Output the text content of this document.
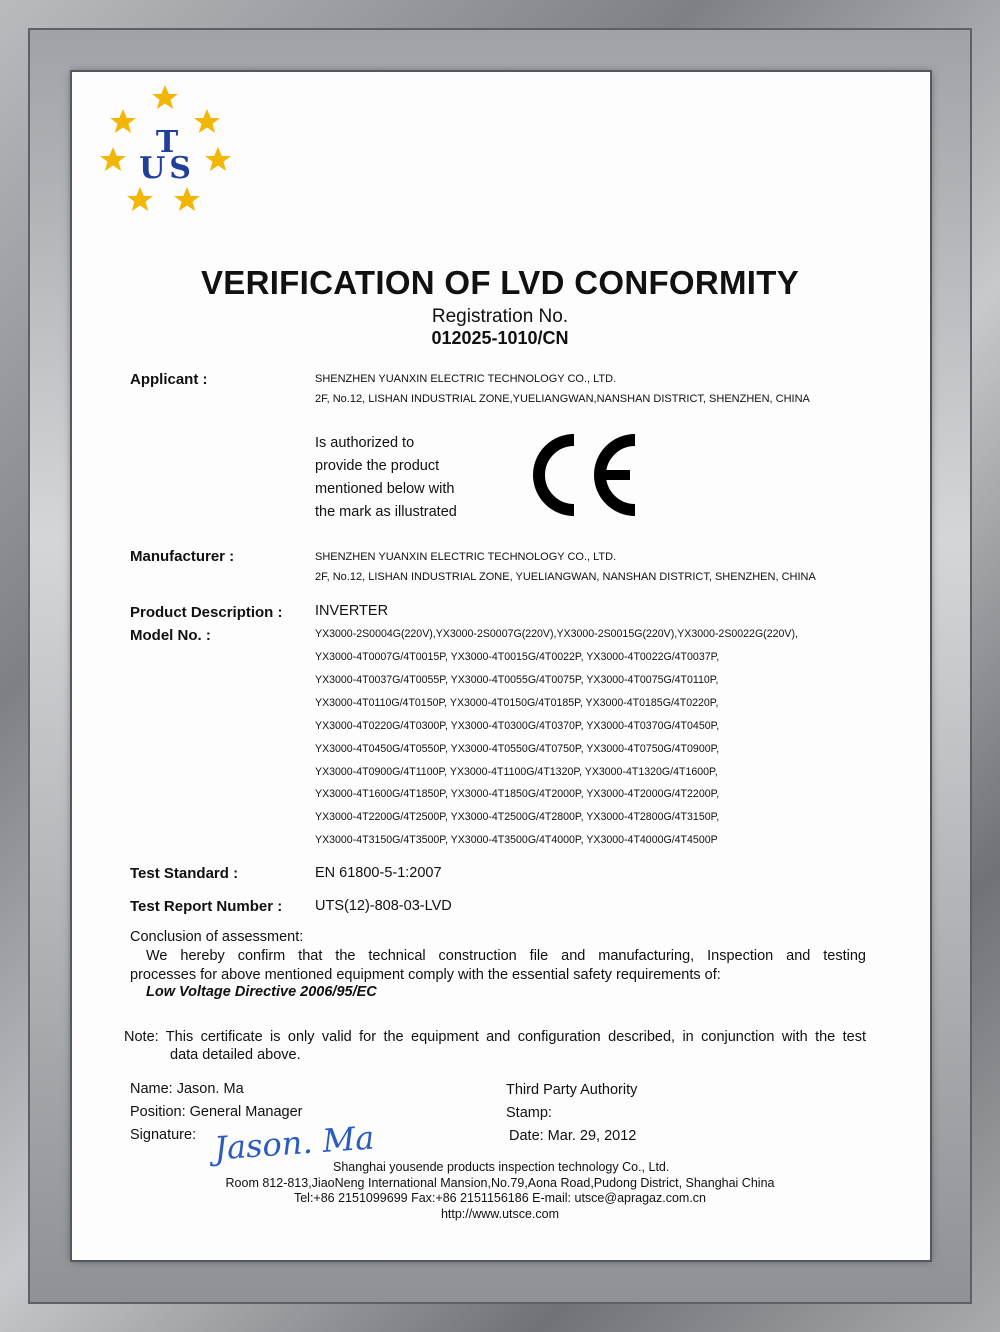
T
US
VERIFICATION OF LVD CONFORMITY
Registration No.
012025-1010/CN
Applicant :	SHENZHEN YUANXIN ELECTRIC TECHNOLOGY CO., LTD.
2F, No.12, LISHAN INDUSTRIAL ZONE,YUELIANGWAN,NANSHAN DISTRICT, SHENZHEN, CHINA
Is authorized to
provide the product
mentioned below with
the mark as illustrated
Manufacturer :	SHENZHEN YUANXIN ELECTRIC TECHNOLOGY CO., LTD.
2F, No.12, LISHAN INDUSTRIAL ZONE, YUELIANGWAN, NANSHAN DISTRICT, SHENZHEN, CHINA
Product Description : INVERTER
Model No. :	YX3000-2S0004G(220V),YX3000-2S0007G(220V),YX3000-2S0015G(220V),YX3000-2S0022G(220V),
YX3000-4T0007G/4T0015P, YX3000-4T0015G/4T0022P, YX3000-4T0022G/4T0037P,
YX3000-4T0037G/4T0055P, YX3000-4T0055G/4T0075P, YX3000-4T0075G/4T0110P,
YX3000-4T0110G/4T0150P, YX3000-4T0150G/4T0185P, YX3000-4T0185G/4T0220P,
YX3000-4T0220G/4T0300P, YX3000-4T0300G/4T0370P, YX3000-4T0370G/4T0450P,
YX3000-4T0450G/4T0550P, YX3000-4T0550G/4T0750P, YX3000-4T0750G/4T0900P,
YX3000-4T0900G/4T1100P, YX3000-4T1100G/4T1320P, YX3000-4T1320G/4T1600P,
YX3000-4T1600G/4T1850P, YX3000-4T1850G/4T2000P, YX3000-4T2000G/4T2200P,
YX3000-4T2200G/4T2500P, YX3000-4T2500G/4T2800P, YX3000-4T2800G/4T3150P,
YX3000-4T3150G/4T3500P, YX3000-4T3500G/4T4000P, YX3000-4T4000G/4T4500P
Test Standard :	EN 61800-5-1:2007
Test Report Number : UTS(12)-808-03-LVD
Conclusion of assessment:
We hereby confirm that the technical construction file and manufacturing, Inspection and testing
processes for above mentioned equipment comply with the essential safety requirements of:
Low Voltage Directive 2006/95/EC
Note: This certificate is only valid for the equipment and configuration described, in conjunction with the test
data detailed above.
Name: Jason. Ma
Position: General Manager
Signature: Jason. Ma
Third Party Authority
Stamp:
Date: Mar. 29, 2012
Shanghai yousende products inspection technology Co., Ltd.
Room 812-813,JiaoNeng International Mansion,No.79,Aona Road,Pudong District, Shanghai China
Tel:+86 2151099699 Fax:+86 2151156186 E-mail: utsce@apragaz.com.cn
http://www.utsce.com
